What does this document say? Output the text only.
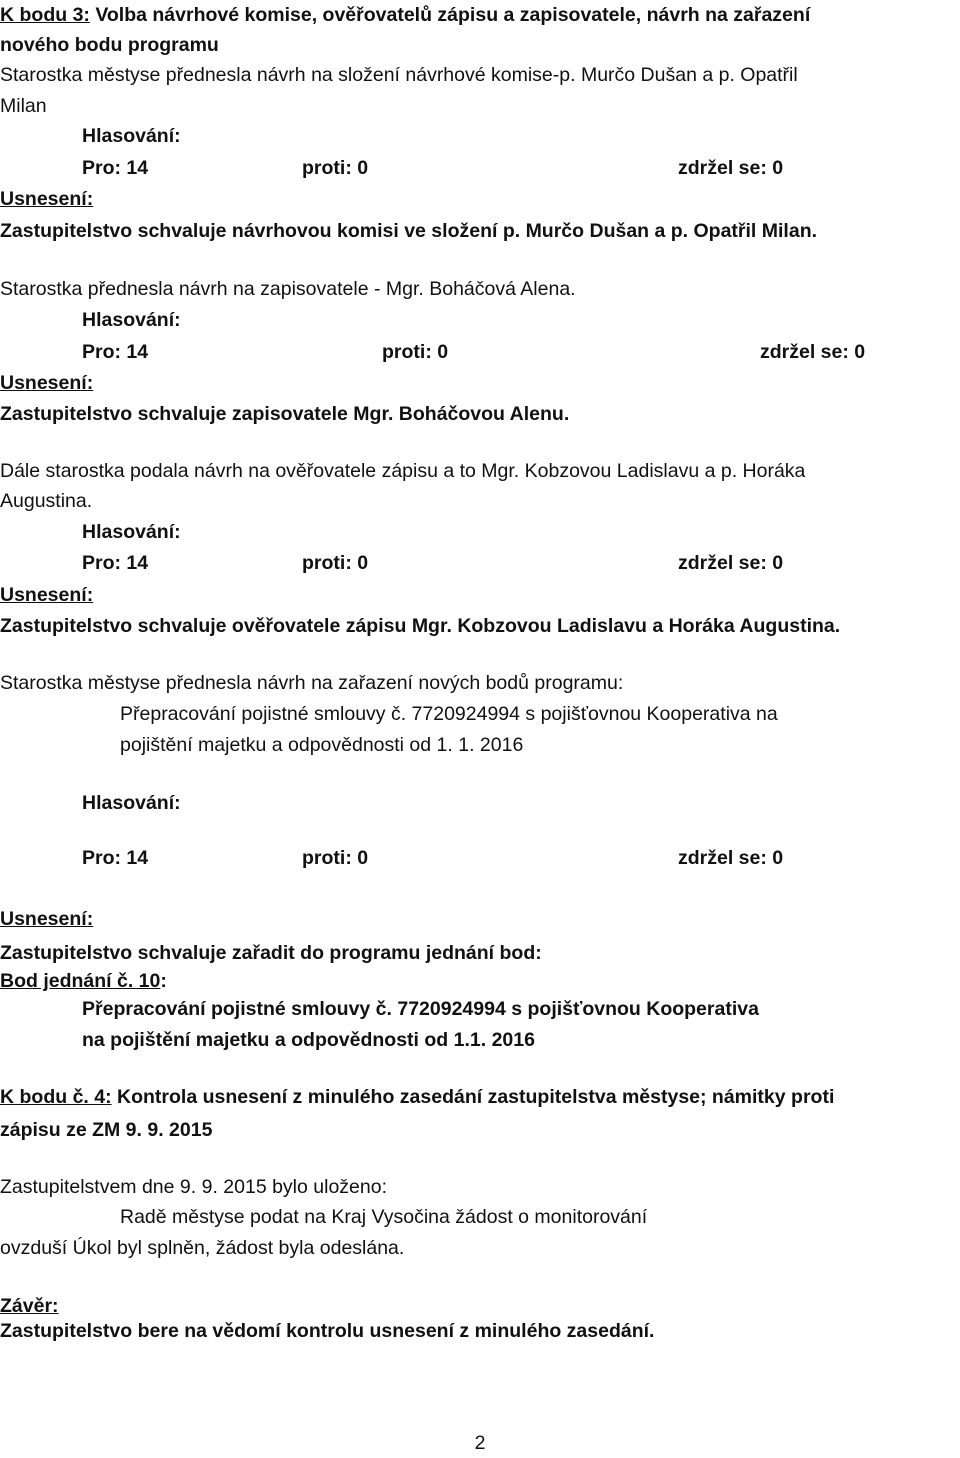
K bodu 3: Volba návrhové komise, ověřovatelů zápisu a zapisovatele, návrh na zařazení
nového bodu programu
Starostka městyse přednesla návrh na složení návrhové komise-p. Murčo Dušan a p. Opatřil
Milan
Hlasování:
Pro: 14	proti: 0	zdržel se: 0
Usnesení:
Zastupitelstvo schvaluje návrhovou komisi ve složení p. Murčo Dušan a p. Opatřil Milan.
Starostka přednesla návrh na zapisovatele - Mgr. Boháčová Alena.
Hlasování:
Pro: 14	proti: 0	zdržel se: 0
Usnesení:
Zastupitelstvo schvaluje zapisovatele Mgr. Boháčovou Alenu.
Dále starostka podala návrh na ověřovatele zápisu a to Mgr. Kobzovou Ladislavu a p. Horáka
Augustina.
Hlasování:
Pro: 14	proti: 0	zdržel se: 0
Usnesení:
Zastupitelstvo schvaluje ověřovatele zápisu Mgr. Kobzovou Ladislavu a Horáka Augustina.
Starostka městyse přednesla návrh na zařazení nových bodů programu:
Přepracování pojistné smlouvy č. 7720924994 s pojišťovnou Kooperativa na
pojištění majetku a odpovědnosti od 1. 1. 2016
Hlasování:
Pro: 14	proti: 0	zdržel se: 0
Usnesení:
Zastupitelstvo schvaluje zařadit do programu jednání bod:
Bod jednání č. 10:
Přepracování pojistné smlouvy č. 7720924994 s pojišťovnou Kooperativa
na pojištění majetku a odpovědnosti od 1.1. 2016
K bodu č. 4: Kontrola usnesení z minulého zasedání zastupitelstva městyse; námitky proti
zápisu ze ZM 9. 9. 2015
Zastupitelstvem dne 9. 9. 2015 bylo uloženo:
Radě městyse podat na Kraj Vysočina žádost o monitorování
ovzduší Úkol byl splněn, žádost byla odeslána.
Závěr:
Zastupitelstvo bere na vědomí kontrolu usnesení z minulého zasedání.
2
